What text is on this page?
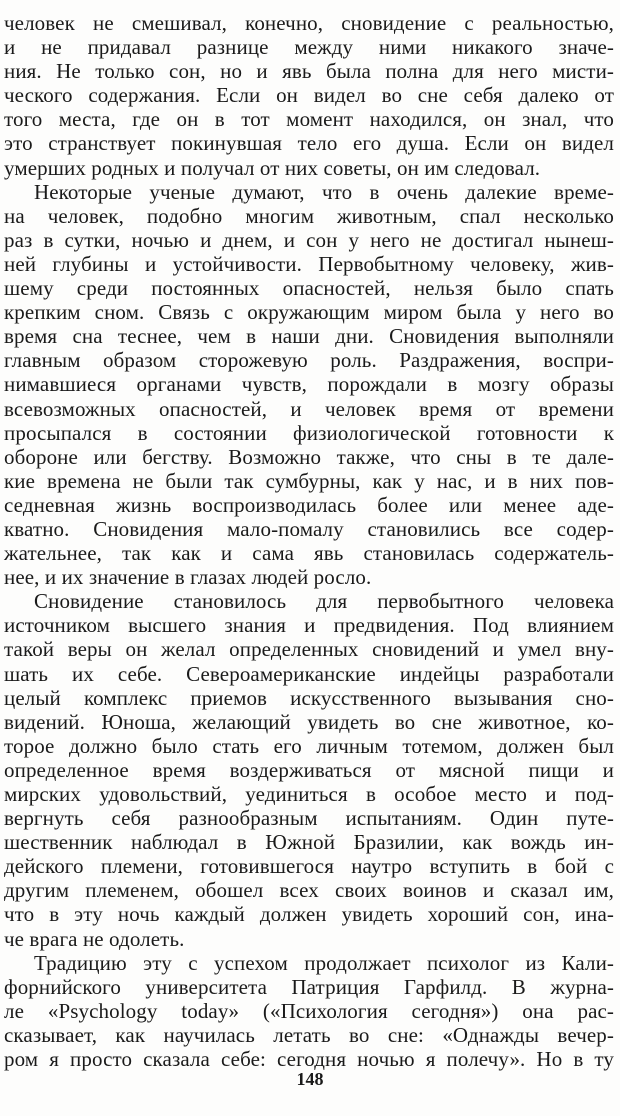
человек не смешивал, конечно, сновидение с реальностью,
и не придавал разнице между ними никакого значе-
ния. Не только сон, но и явь была полна для него мисти-
ческого содержания. Если он видел во сне себя далеко от
того места, где он в тот момент находился, он знал, что
это странствует покинувшая тело его душа. Если он видел
умерших родных и получал от них советы, он им следовал.
Некоторые ученые думают, что в очень далекие време-
на человек, подобно многим животным, спал несколько
раз в сутки, ночью и днем, и сон у него не достигал нынеш-
ней глубины и устойчивости. Первобытному человеку, жив-
шему среди постоянных опасностей, нельзя было спать
крепким сном. Связь с окружающим миром была у него во
время сна теснее, чем в наши дни. Сновидения выполняли
главным образом сторожевую роль. Раздражения, воспри-
нимавшиеся органами чувств, порождали в мозгу образы
всевозможных опасностей, и человек время от времени
просыпался в состоянии физиологической готовности к
обороне или бегству. Возможно также, что сны в те дале-
кие времена не были так сумбурны, как у нас, и в них пов-
седневная жизнь воспроизводилась более или менее аде-
кватно. Сновидения мало-помалу становились все содер-
жательнее, так как и сама явь становилась содержатель-
нее, и их значение в глазах людей росло.
Сновидение становилось для первобытного человека
источником высшего знания и предвидения. Под влиянием
такой веры он желал определенных сновидений и умел вну-
шать их себе. Североамериканские индейцы разработали
целый комплекс приемов искусственного вызывания сно-
видений. Юноша, желающий увидеть во сне животное, ко-
торое должно было стать его личным тотемом, должен был
определенное время воздерживаться от мясной пищи и
мирских удовольствий, уединиться в особое место и под-
вергнуть себя разнообразным испытаниям. Один путе-
шественник наблюдал в Южной Бразилии, как вождь ин-
дейского племени, готовившегося наутро вступить в бой с
другим племенем, обошел всех своих воинов и сказал им,
что в эту ночь каждый должен увидеть хороший сон, ина-
че врага не одолеть.
Традицию эту с успехом продолжает психолог из Кали-
форнийского университета Патриция Гарфилд. В журна-
ле «Psychology today» («Психология сегодня») она рас-
сказывает, как научилась летать во сне: «Однажды вечер-
ром я просто сказала себе: сегодня ночью я полечу». Но в ту
148
